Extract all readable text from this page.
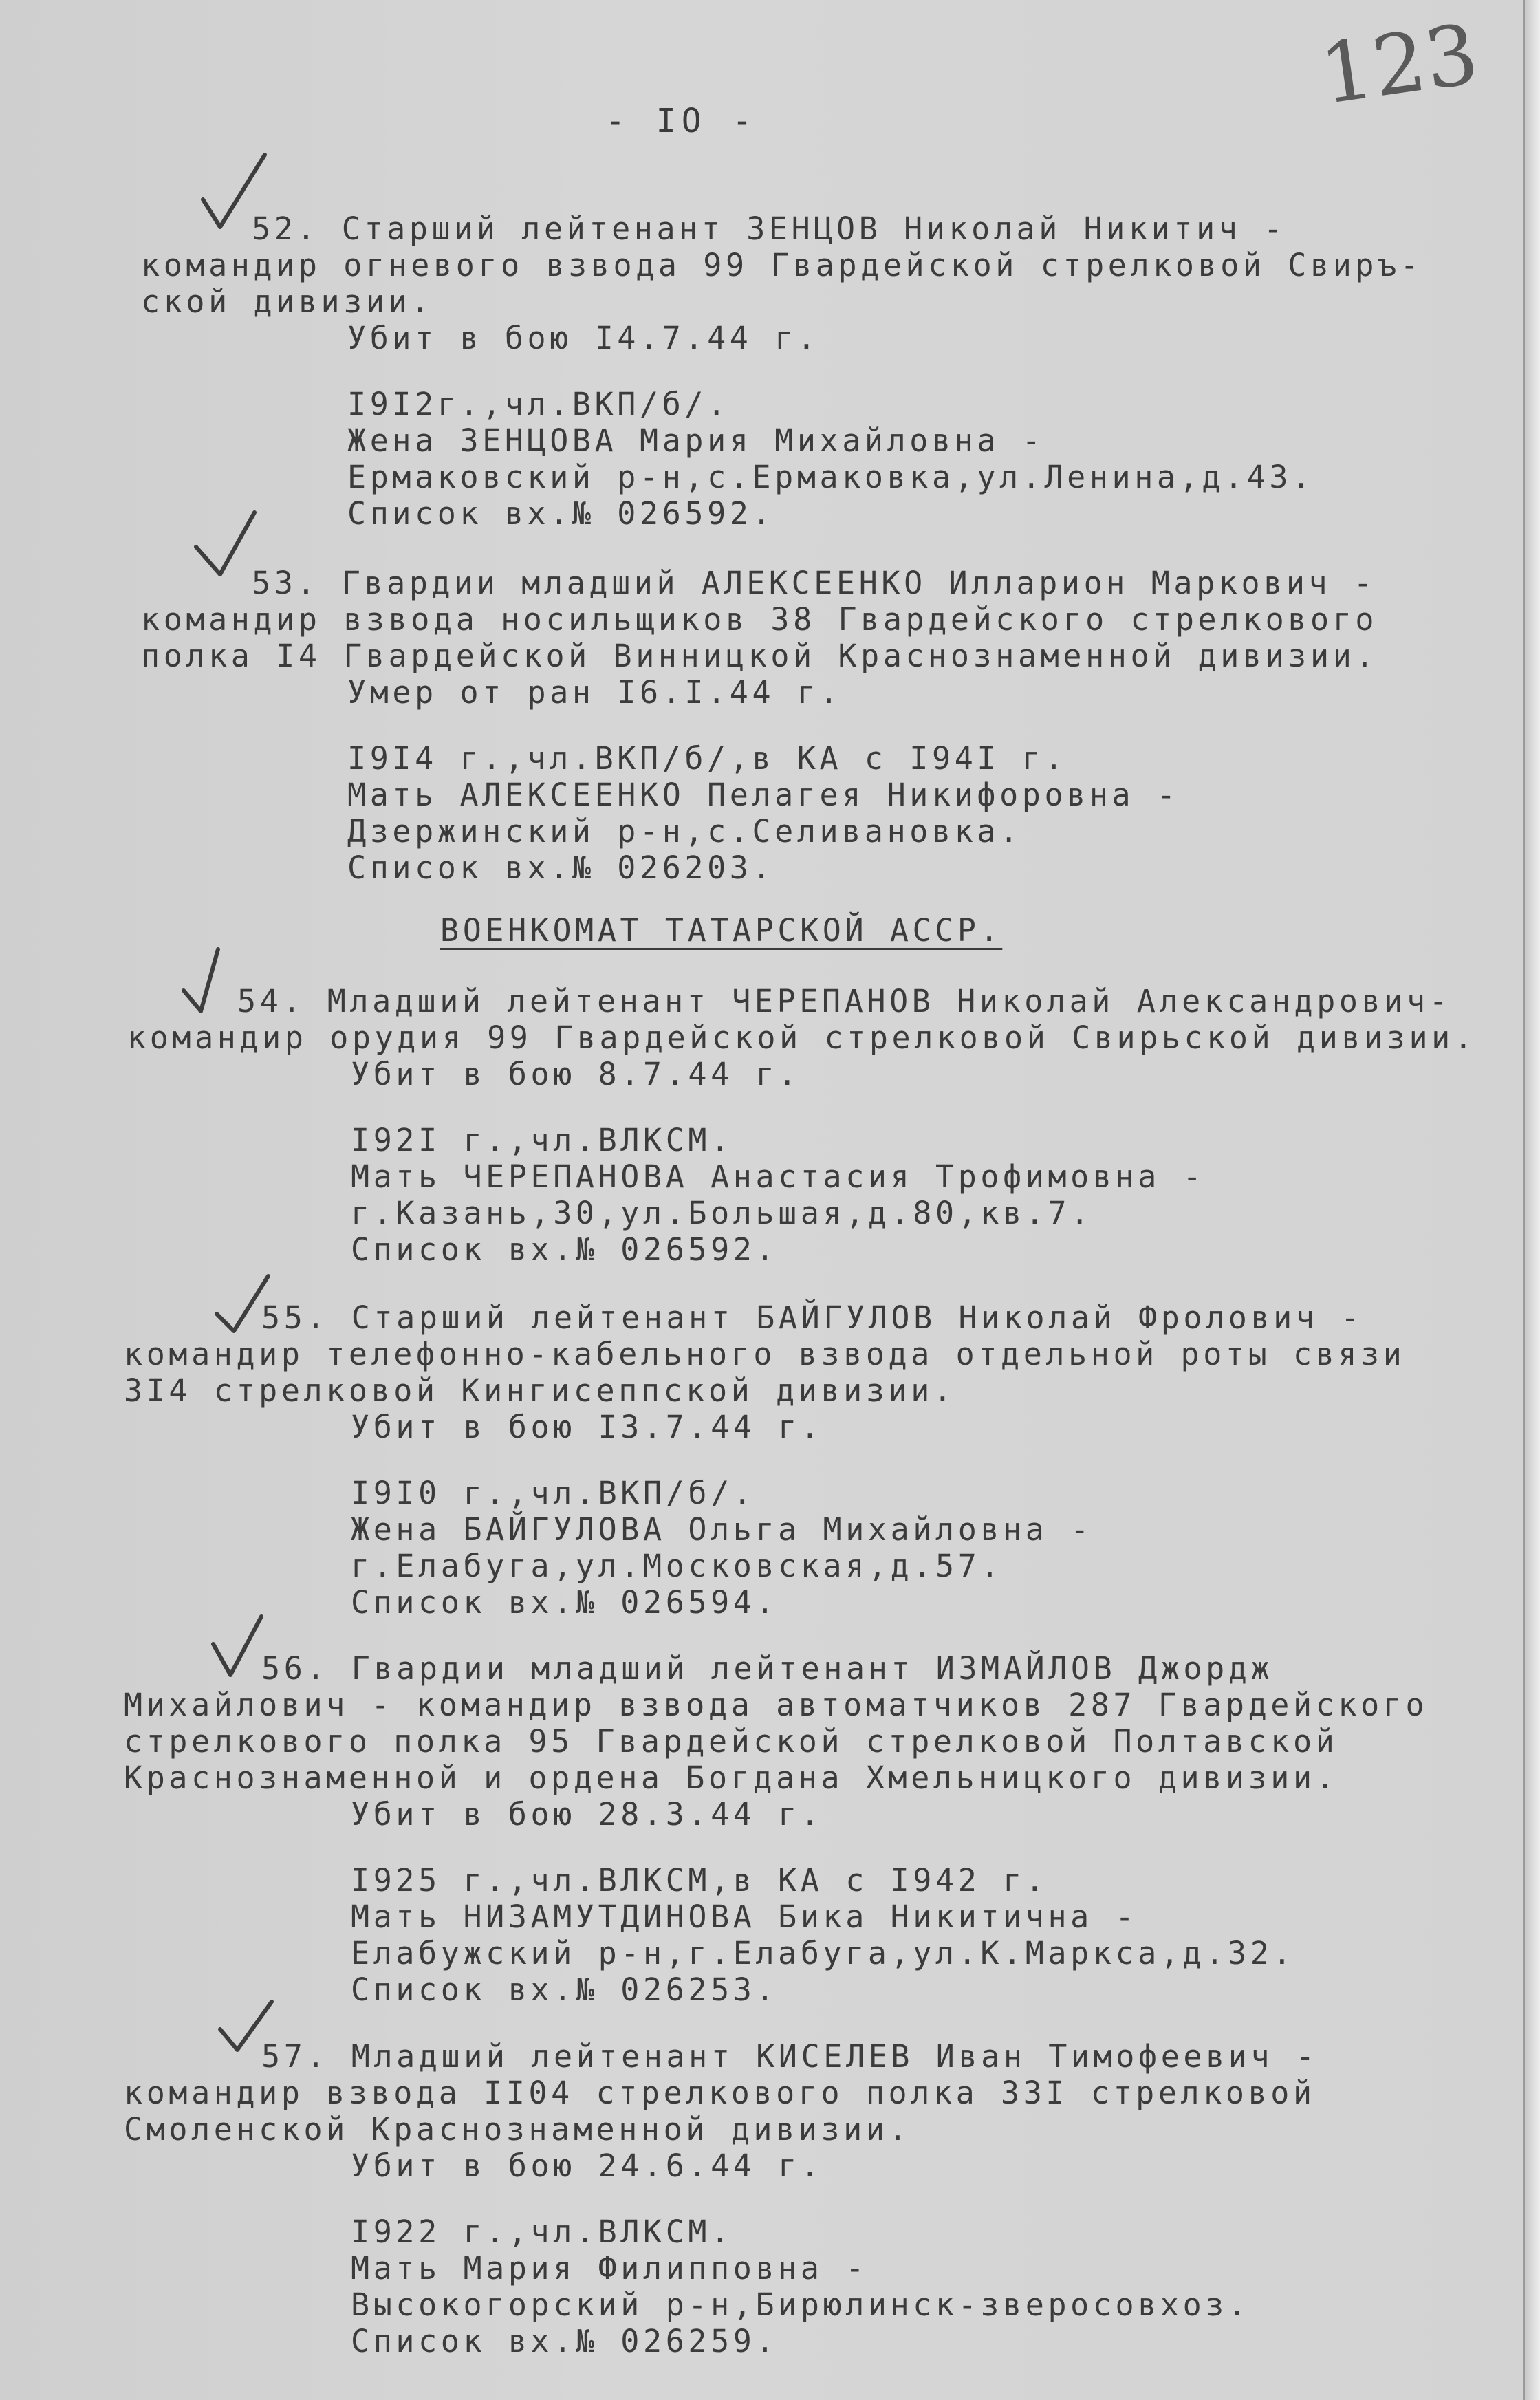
- IO -	123
52. Старший лейтенант ЗЕНЦОВ Николай Никитич -
командир огневого взвода 99 Гвардейской стрелковой Свиръ-
ской дивизии.
Убит в бою I4.7.44 г.
I9I2г.,чл.ВКП/б/.
Жена ЗЕНЦОВА Мария Михайловна -
Ермаковский р-н,с.Ермаковка,ул.Ленина,д.43.
Список вх.№ 026592.
53. Гвардии младший АЛЕКСЕЕНКО Илларион Маркович -
командир взвода носильщиков 38 Гвардейского стрелкового
полка I4 Гвардейской Винницкой Краснознаменной дивизии.
Умер от ран I6.I.44 г.
I9I4 г.,чл.ВКП/б/,в КА с I94I г.
Мать АЛЕКСЕЕНКО Пелагея Никифоровна -
Дзержинский р-н,с.Селивановка.
Список вх.№ 026203.
ВОЕНКОМАТ ТАТАРСКОЙ АССР.
54. Младший лейтенант ЧЕРЕПАНОВ Николай Александрович-
командир орудия 99 Гвардейской стрелковой Свирьской дивизии.
Убит в бою 8.7.44 г.
I92I г.,чл.ВЛКСМ.
Мать ЧЕРЕПАНОВА Анастасия Трофимовна -
г.Казань,30,ул.Большая,д.80,кв.7.
Список вх.№ 026592.
55. Старший лейтенант БАЙГУЛОВ Николай Фролович -
командир телефонно-кабельного взвода отдельной роты связи
3I4 стрелковой Кингисеппской дивизии.
Убит в бою I3.7.44 г.
I9I0 г.,чл.ВКП/б/.
Жена БАЙГУЛОВА Ольга Михайловна -
г.Елабуга,ул.Московская,д.57.
Список вх.№ 026594.
56. Гвардии младший лейтенант ИЗМАЙЛОВ Джордж
Михайлович - командир взвода автоматчиков 287 Гвардейского
стрелкового полка 95 Гвардейской стрелковой Полтавской
Краснознаменной и ордена Богдана Хмельницкого дивизии.
Убит в бою 28.3.44 г.
I925 г.,чл.ВЛКСМ,в КА с I942 г.
Мать НИЗАМУТДИНОВА Бика Никитична -
Елабужский р-н,г.Елабуга,ул.К.Маркса,д.32.
Список вх.№ 026253.
57. Младший лейтенант КИСЕЛЕВ Иван Тимофеевич -
командир взвода II04 стрелкового полка 33I стрелковой
Смоленской Краснознаменной дивизии.
Убит в бою 24.6.44 г.
I922 г.,чл.ВЛКСМ.
Мать Мария Филипповна -
Высокогорский р-н,Бирюлинск-зверосовхоз.
Список вх.№ 026259.
